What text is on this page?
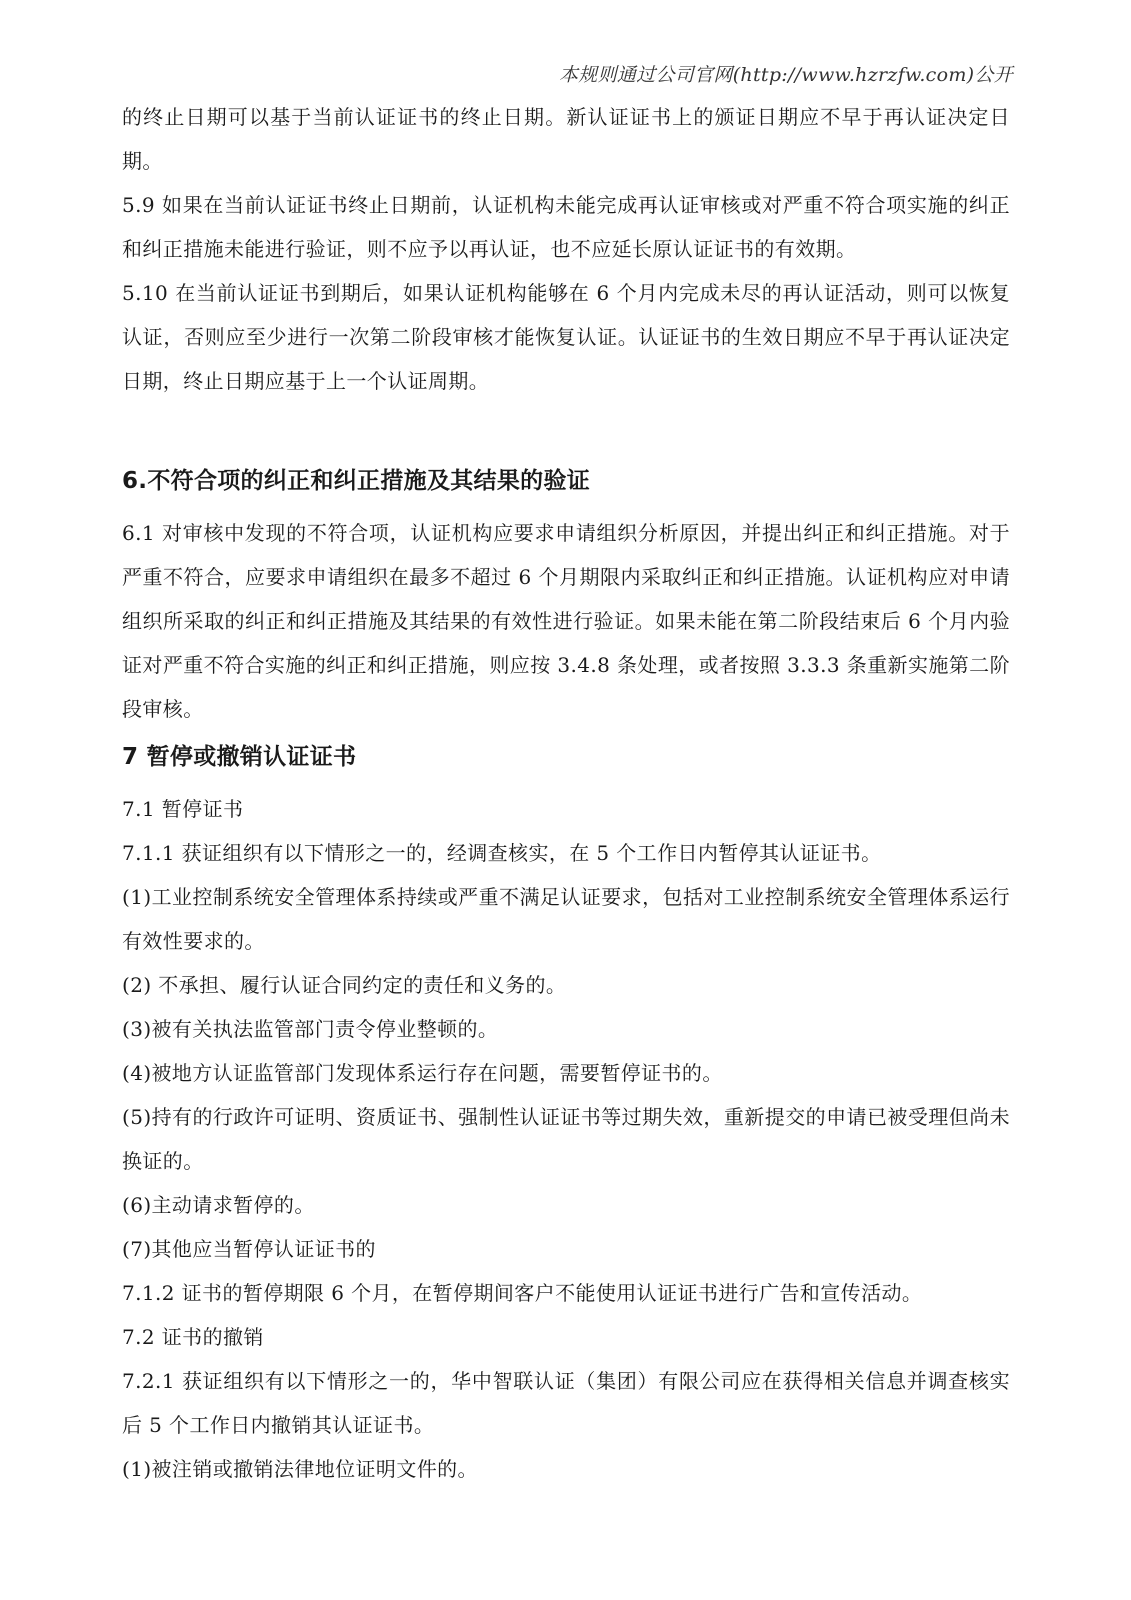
本规则通过公司官网(http://www.hzrzfw.com)公开

的终止日期可以基于当前认证证书的终止日期。新认证证书上的颁证日期应不早于再认证决定日期。

5.9 如果在当前认证证书终止日期前，认证机构未能完成再认证审核或对严重不符合项实施的纠正和纠正措施未能进行验证，则不应予以再认证，也不应延长原认证证书的有效期。

5.10 在当前认证证书到期后，如果认证机构能够在 6 个月内完成未尽的再认证活动，则可以恢复认证，否则应至少进行一次第二阶段审核才能恢复认证。认证证书的生效日期应不早于再认证决定日期，终止日期应基于上一个认证周期。

6.不符合项的纠正和纠正措施及其结果的验证

6.1 对审核中发现的不符合项，认证机构应要求申请组织分析原因，并提出纠正和纠正措施。对于严重不符合，应要求申请组织在最多不超过 6 个月期限内采取纠正和纠正措施。认证机构应对申请组织所采取的纠正和纠正措施及其结果的有效性进行验证。如果未能在第二阶段结束后 6 个月内验证对严重不符合实施的纠正和纠正措施，则应按 3.4.8 条处理，或者按照 3.3.3 条重新实施第二阶段审核。

7 暂停或撤销认证证书

7.1 暂停证书

7.1.1 获证组织有以下情形之一的，经调查核实，在 5 个工作日内暂停其认证证书。

(1)工业控制系统安全管理体系持续或严重不满足认证要求，包括对工业控制系统安全管理体系运行有效性要求的。

(2) 不承担、履行认证合同约定的责任和义务的。

(3)被有关执法监管部门责令停业整顿的。

(4)被地方认证监管部门发现体系运行存在问题，需要暂停证书的。

(5)持有的行政许可证明、资质证书、强制性认证证书等过期失效，重新提交的申请已被受理但尚未换证的。

(6)主动请求暂停的。

(7)其他应当暂停认证证书的

7.1.2 证书的暂停期限 6 个月，在暂停期间客户不能使用认证证书进行广告和宣传活动。

7.2 证书的撤销

7.2.1 获证组织有以下情形之一的，华中智联认证（集团）有限公司应在获得相关信息并调查核实后 5 个工作日内撤销其认证证书。

(1)被注销或撤销法律地位证明文件的。
